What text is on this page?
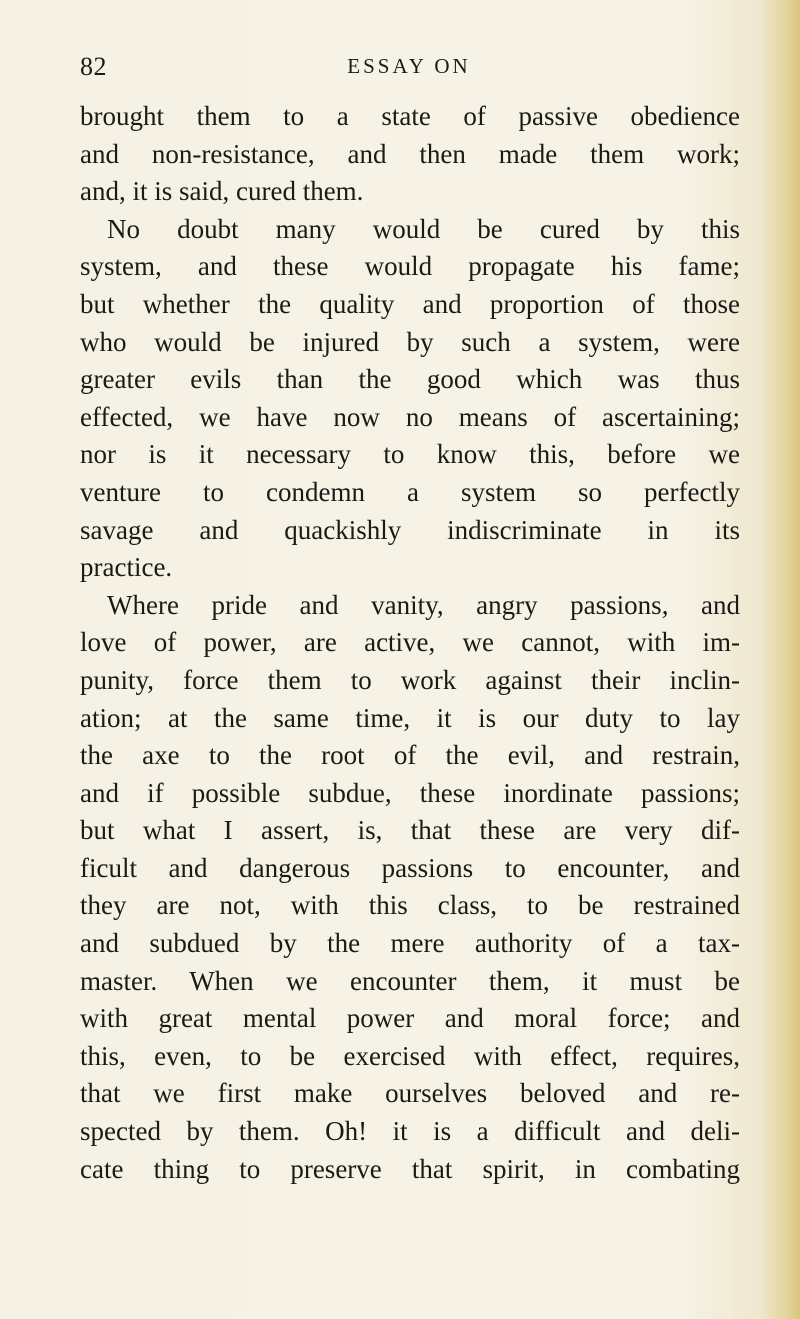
82	ESSAY ON
brought them to a state of passive obedience
and non-resistance, and then made them work;
and, it is said, cured them.
No doubt many would be cured by this
system, and these would propagate his fame;
but whether the quality and proportion of those
who would be injured by such a system, were
greater evils than the good which was thus
effected, we have now no means of ascertaining;
nor is it necessary to know this, before we
venture to condemn a system so perfectly
savage and quackishly indiscriminate in its
practice.
Where pride and vanity, angry passions, and
love of power, are active, we cannot, with im-
punity, force them to work against their inclin-
ation; at the same time, it is our duty to lay
the axe to the root of the evil, and restrain,
and if possible subdue, these inordinate passions;
but what I assert, is, that these are very dif-
ficult and dangerous passions to encounter, and
they are not, with this class, to be restrained
and subdued by the mere authority of a tax-
master. When we encounter them, it must be
with great mental power and moral force; and
this, even, to be exercised with effect, requires,
that we first make ourselves beloved and re-
spected by them. Oh! it is a difficult and deli-
cate thing to preserve that spirit, in combating
